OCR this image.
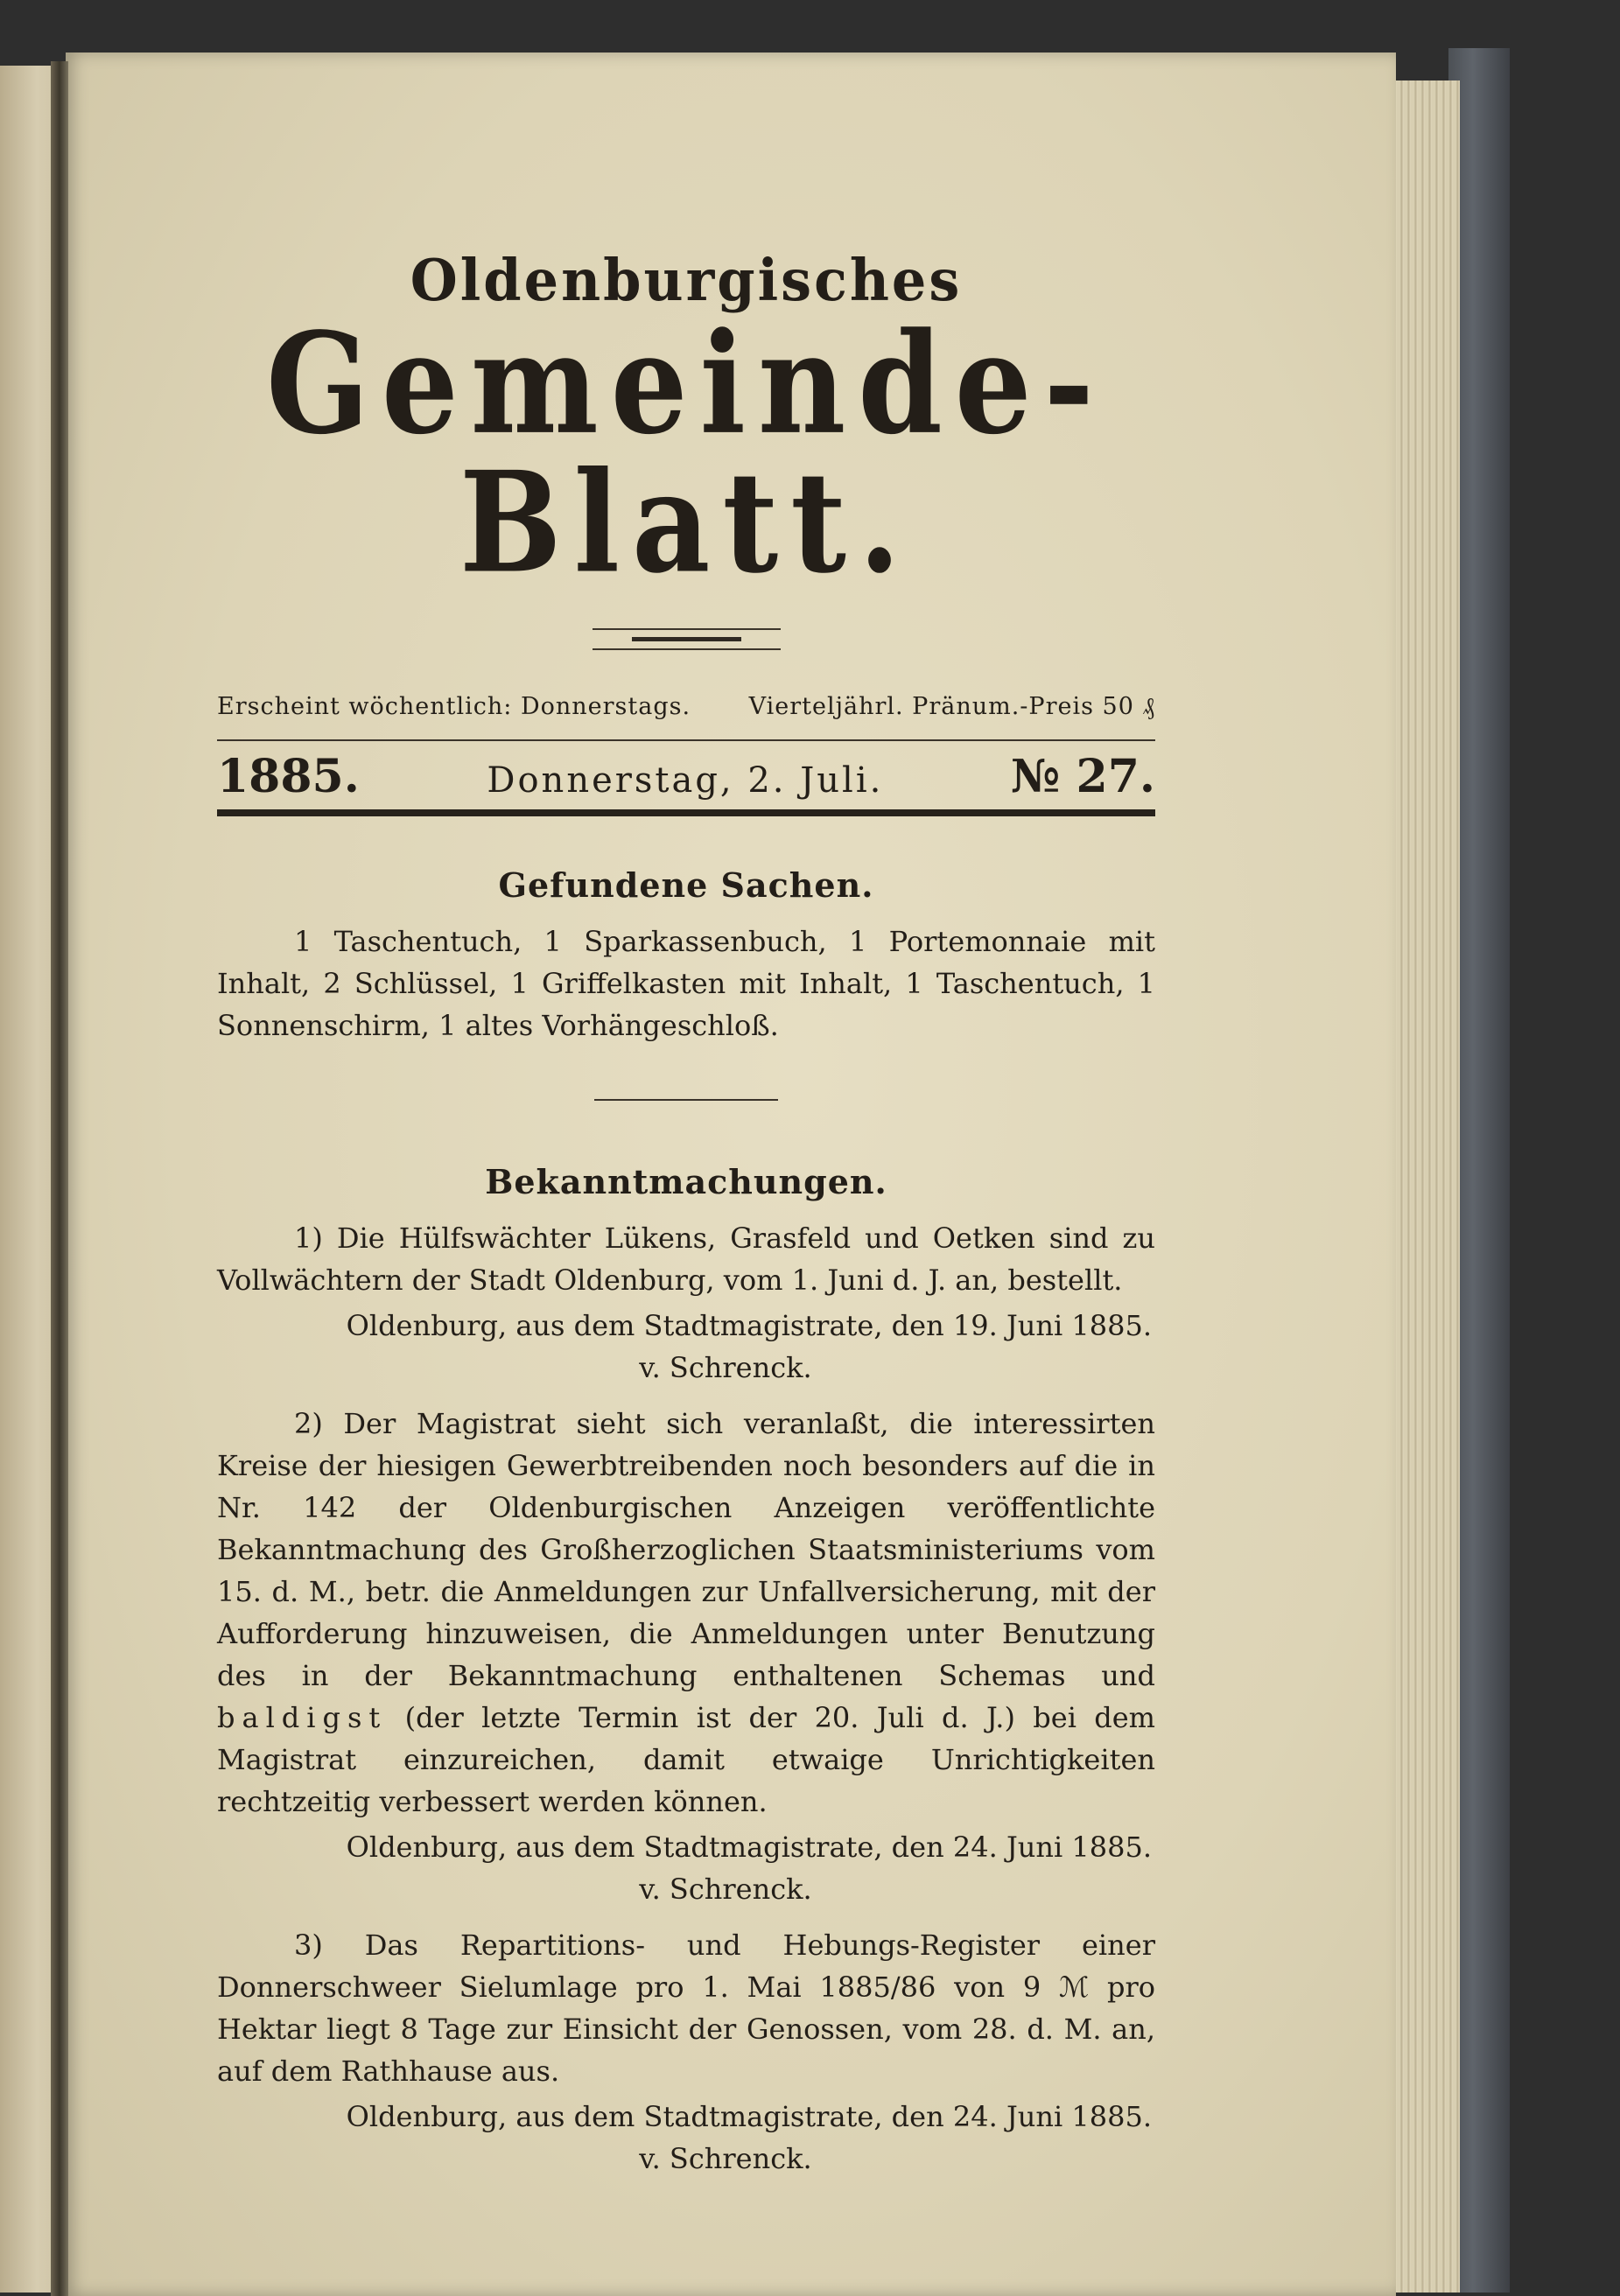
Oldenburgisches
Gemeinde-Blatt.
Erscheint wöchentlich: Donnerstags. Vierteljährl. Pränum.-Preis 50 ₰
1885.	Donnerstag, 2. Juli.	№ 27.
Gefundene Sachen.

1 Taschentuch, 1 Sparkassenbuch, 1 Portemonnaie mit Inhalt, 2 Schlüssel, 1 Griffelkasten mit Inhalt, 1 Taschentuch, 1 Sonnenschirm, 1 altes Vorhängeschloß.

Bekanntmachungen.

1) Die Hülfswächter Lükens, Grasfeld und Oetken sind zu Vollwächtern der Stadt Oldenburg, vom 1. Juni d. J. an, bestellt.

Oldenburg, aus dem Stadtmagistrate, den 19. Juni 1885.

v. Schrenck.

2) Der Magistrat sieht sich veranlaßt, die interessirten Kreise der hiesigen Gewerbtreibenden noch besonders auf die in Nr. 142 der Oldenburgischen Anzeigen veröffentlichte Bekanntmachung des Großherzoglichen Staatsministeriums vom 15. d. M., betr. die Anmeldungen zur Unfallversicherung, mit der Aufforderung hinzuweisen, die Anmeldungen unter Benutzung des in der Bekanntmachung enthaltenen Schemas und baldigst (der letzte Termin ist der 20. Juli d. J.) bei dem Magistrat einzureichen, damit etwaige Unrichtigkeiten rechtzeitig verbessert werden können.

Oldenburg, aus dem Stadtmagistrate, den 24. Juni 1885.

v. Schrenck.

3) Das Repartitions- und Hebungs-Register einer Donnerschweer Sielumlage pro 1. Mai 1885/86 von 9 ℳ pro Hektar liegt 8 Tage zur Einsicht der Genossen, vom 28. d. M. an, auf dem Rathhause aus.

Oldenburg, aus dem Stadtmagistrate, den 24. Juni 1885.

v. Schrenck.
